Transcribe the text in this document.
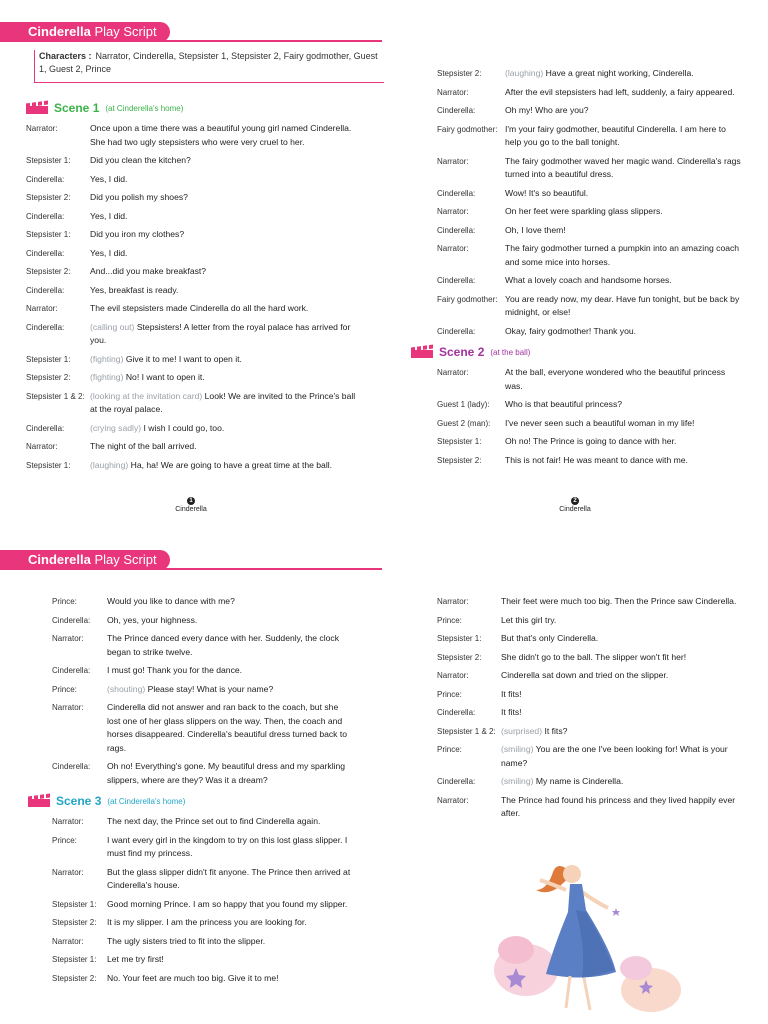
Cinderella Play Script
Characters : Narrator, Cinderella, Stepsister 1, Stepsister 2, Fairy godmother, Guest 1, Guest 2, Prince
Scene 1 (at Cinderella's home)
Narrator:	Once upon a time there was a beautiful young girl named Cinderella. She had two ugly stepsisters who were very cruel to her.
Stepsister 1:	Did you clean the kitchen?
Cinderella:	Yes, I did.
Stepsister 2:	Did you polish my shoes?
Cinderella:	Yes, I did.
Stepsister 1:	Did you iron my clothes?
Cinderella:	Yes, I did.
Stepsister 2:	And...did you make breakfast?
Cinderella:	Yes, breakfast is ready.
Narrator:	The evil stepsisters made Cinderella do all the hard work.
Cinderella:	(calling out) Stepsisters! A letter from the royal palace has arrived for you.
Stepsister 1:	(fighting) Give it to me! I want to open it.
Stepsister 2:	(fighting) No! I want to open it.
Stepsister 1 & 2: (looking at the invitation card) Look! We are invited to the Prince's ball at the royal palace.
Cinderella:	(crying sadly) I wish I could go, too.
Narrator:	The night of the ball arrived.
Stepsister 1:	(laughing) Ha, ha! We are going to have a great time at the ball.
1
Cinderella
Stepsister 2:	(laughing) Have a great night working, Cinderella.
Narrator:	After the evil stepsisters had left, suddenly, a fairy appeared.
Cinderella:	Oh my! Who are you?
Fairy godmother: I'm your fairy godmother, beautiful Cinderella. I am here to help you go to the ball tonight.
Narrator:	The fairy godmother waved her magic wand. Cinderella's rags turned into a beautiful dress.
Cinderella:	Wow! It's so beautiful.
Narrator:	On her feet were sparkling glass slippers.
Cinderella:	Oh, I love them!
Narrator:	The fairy godmother turned a pumpkin into an amazing coach and some mice into horses.
Cinderella:	What a lovely coach and handsome horses.
Fairy godmother: You are ready now, my dear. Have fun tonight, but be back by midnight, or else!
Cinderella:	Okay, fairy godmother! Thank you.
Scene 2 (at the ball)
Narrator:	At the ball, everyone wondered who the beautiful princess was.
Guest 1 (lady):	Who is that beautiful princess?
Guest 2 (man):	I've never seen such a beautiful woman in my life!
Stepsister 1:	Oh no! The Prince is going to dance with her.
Stepsister 2:	This is not fair! He was meant to dance with me.
2
Cinderella
Cinderella Play Script
Prince:	Would you like to dance with me?
Cinderella:	Oh, yes, your highness.
Narrator:	The Prince danced every dance with her. Suddenly, the clock began to strike twelve.
Cinderella:	I must go! Thank you for the dance.
Prince:	(shouting) Please stay! What is your name?
Narrator:	Cinderella did not answer and ran back to the coach, but she lost one of her glass slippers on the way. Then, the coach and horses disappeared. Cinderella's beautiful dress turned back to rags.
Cinderella:	Oh no! Everything's gone. My beautiful dress and my sparkling slippers, where are they? Was it a dream?
Scene 3 (at Cinderella's home)
Narrator:	The next day, the Prince set out to find Cinderella again.
Prince:	I want every girl in the kingdom to try on this lost glass slipper. I must find my princess.
Narrator:	But the glass slipper didn't fit anyone. The Prince then arrived at Cinderella's house.
Stepsister 1:	Good morning Prince. I am so happy that you found my slipper.
Stepsister 2:	It is my slipper. I am the princess you are looking for.
Narrator:	The ugly sisters tried to fit into the slipper.
Stepsister 1:	Let me try first!
Stepsister 2:	No. Your feet are much too big. Give it to me!
Narrator:	Their feet were much too big. Then the Prince saw Cinderella.
Prince:	Let this girl try.
Stepsister 1:	But that's only Cinderella.
Stepsister 2:	She didn't go to the ball. The slipper won't fit her!
Narrator:	Cinderella sat down and tried on the slipper.
Prince:	It fits!
Cinderella:	It fits!
Stepsister 1 & 2: (surprised) It fits?
Prince:	(smiling) You are the one I've been looking for! What is your name?
Cinderella:	(smiling) My name is Cinderella.
Narrator:	The Prince had found his princess and they lived happily ever after.
